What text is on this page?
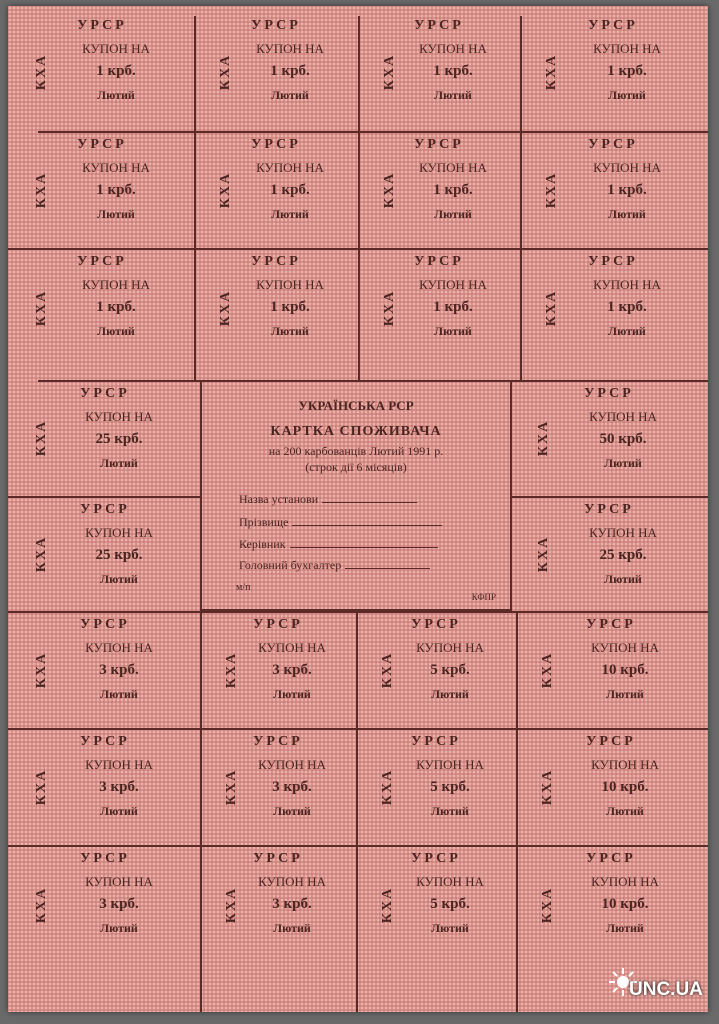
УРСР
КХА
КУПОН НА
1 крб.
Лютий
УРСР
КХА
КУПОН НА
1 крб.
Лютий
УРСР
КХА
КУПОН НА
1 крб.
Лютий
УРСР
КХА
КУПОН НА
1 крб.
Лютий
УРСР
КХА
КУПОН НА
1 крб.
Лютий
УРСР
КХА
КУПОН НА
1 крб.
Лютий
УРСР
КХА
КУПОН НА
1 крб.
Лютий
УРСР
КХА
КУПОН НА
1 крб.
Лютий
УРСР
КХА
КУПОН НА
1 крб.
Лютий
УРСР
КХА
КУПОН НА
1 крб.
Лютий
УРСР
КХА
КУПОН НА
1 крб.
Лютий
УРСР
КХА
КУПОН НА
1 крб.
Лютий
УРСР
КХА
КУПОН НА
25 крб.
Лютий
УРСР
КХА
КУПОН НА
50 крб.
Лютий
УРСР
КХА
КУПОН НА
25 крб.
Лютий
УРСР
КХА
КУПОН НА
25 крб.
Лютий
УРСР
КХА
КУПОН НА
3 крб.
Лютий
УРСР
КХА
КУПОН НА
3 крб.
Лютий
УРСР
КХА
КУПОН НА
5 крб.
Лютий
УРСР
КХА
КУПОН НА
10 крб.
Лютий
УРСР
КХА
КУПОН НА
3 крб.
Лютий
УРСР
КХА
КУПОН НА
3 крб.
Лютий
УРСР
КХА
КУПОН НА
5 крб.
Лютий
УРСР
КХА
КУПОН НА
10 крб.
Лютий
УРСР
КХА
КУПОН НА
3 крб.
Лютий
УРСР
КХА
КУПОН НА
3 крб.
Лютий
УРСР
КХА
КУПОН НА
5 крб.
Лютий
УРСР
КХА
КУПОН НА
10 крб.
Лютий
УКРАЇНСЬКА РСР
КАРТКА СПОЖИВАЧА
на 200 карбованців Лютий 1991 р.
(строк дії 6 місяців)
Назва установи
Прізвище
Керівник
Головний бухгалтер
м/п
КФПР
UNC.UA
